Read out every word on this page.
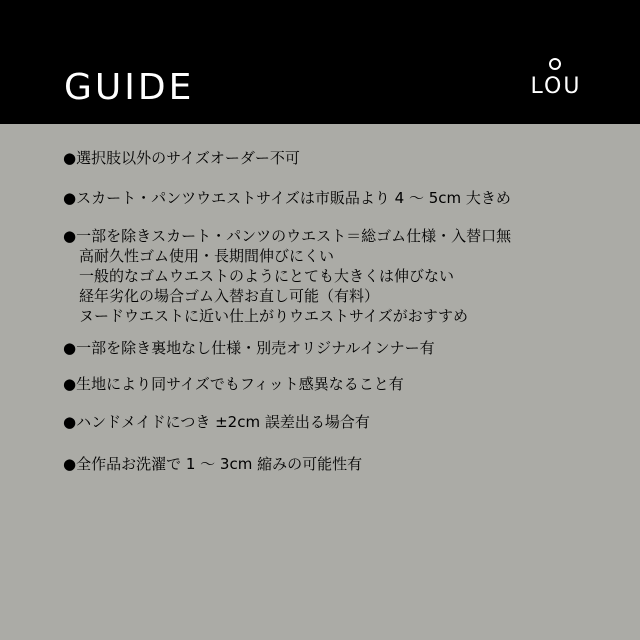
GUIDE	LOU
●選択肢以外のサイズオーダー不可
●スカート・パンツウエストサイズは市販品より 4 〜 5cm 大きめ
●一部を除きスカート・パンツのウエスト＝総ゴム仕様・入替口無
高耐久性ゴム使用・長期間伸びにくい
一般的なゴムウエストのようにとても大きくは伸びない
経年劣化の場合ゴム入替お直し可能（有料）
ヌードウエストに近い仕上がりウエストサイズがおすすめ
●一部を除き裏地なし仕様・別売オリジナルインナー有
●生地により同サイズでもフィット感異なること有
●ハンドメイドにつき ±2cm 誤差出る場合有
●全作品お洗濯で 1 〜 3cm 縮みの可能性有
